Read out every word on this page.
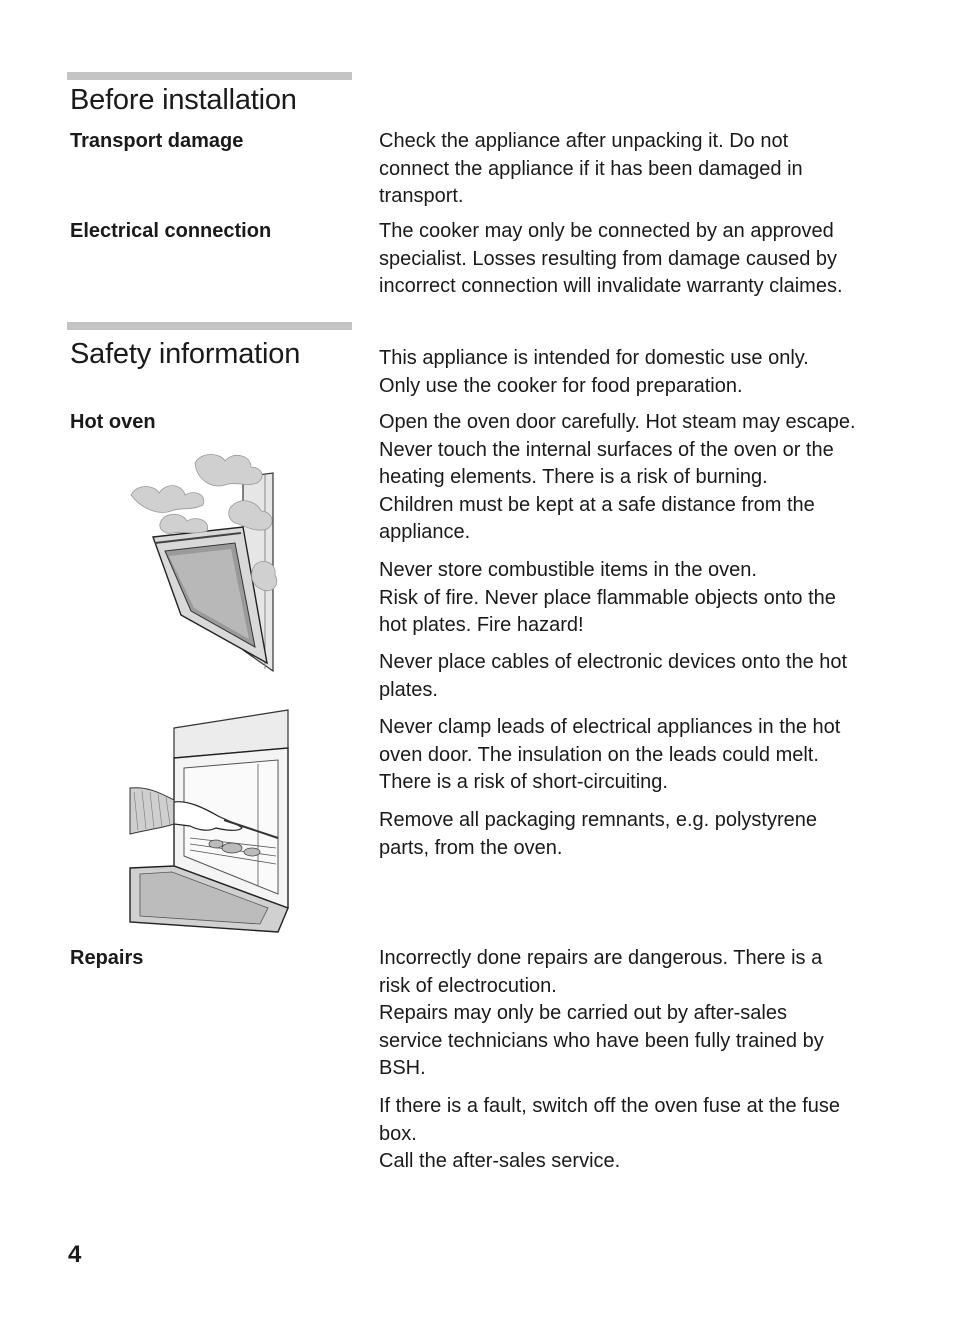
Before installation
Transport damage	Check the appliance after unpacking it. Do not
connect the appliance if it has been damaged in
transport.

Electrical connection	The cooker may only be connected by an approved
specialist. Losses resulting from damage caused by
incorrect connection will invalidate warranty claimes.

Safety information	This appliance is intended for domestic use only.
Only use the cooker for food preparation.

Hot oven	Open the oven door carefully. Hot steam may escape.
Never touch the internal surfaces of the oven or the
heating elements. There is a risk of burning.
Children must be kept at a safe distance from the
appliance.

Never store combustible items in the oven.
Risk of fire. Never place flammable objects onto the
hot plates. Fire hazard!

Never place cables of electronic devices onto the hot
plates.

Never clamp leads of electrical appliances in the hot
oven door. The insulation on the leads could melt.
There is a risk of short-circuiting.

Remove all packaging remnants, e.g. polystyrene
parts, from the oven.

Repairs	Incorrectly done repairs are dangerous. There is a
risk of electrocution.
Repairs may only be carried out by after-sales
service technicians who have been fully trained by
BSH.

If there is a fault, switch off the oven fuse at the fuse
box.
Call the after-sales service.

4
